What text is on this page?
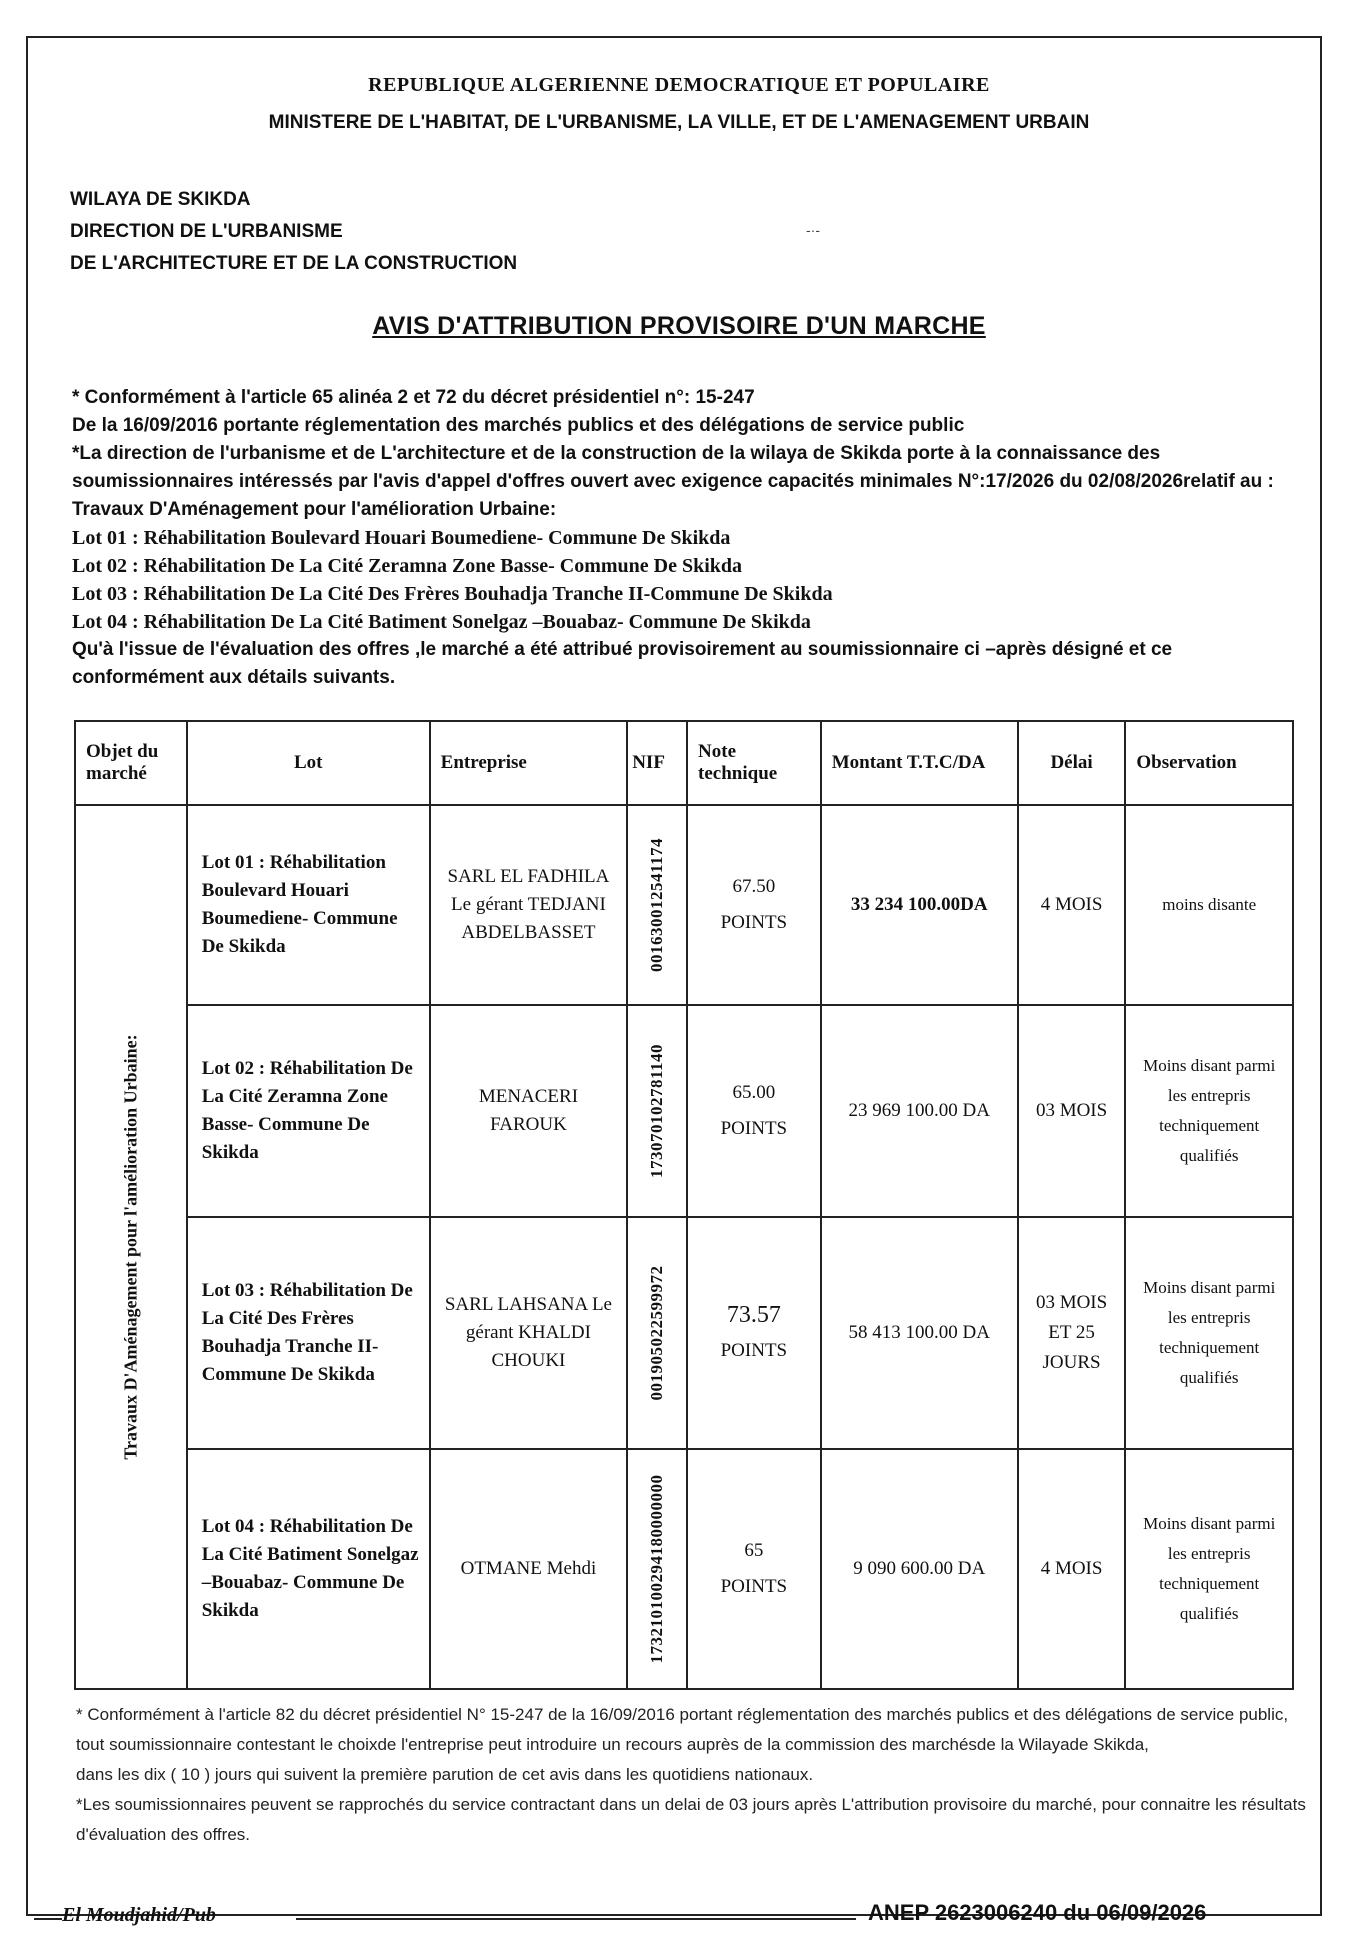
REPUBLIQUE ALGERIENNE DEMOCRATIQUE ET POPULAIRE
MINISTERE DE L'HABITAT, DE L'URBANISME, LA VILLE, ET DE L'AMENAGEMENT URBAIN
WILAYA DE SKIKDA
DIRECTION DE L'URBANISME
DE L'ARCHITECTURE ET DE LA CONSTRUCTION
-·-
AVIS D'ATTRIBUTION PROVISOIRE D'UN MARCHE

* Conformément à l'article 65 alinéa 2 et 72 du décret présidentiel n°: 15-247

De la 16/09/2016 portante réglementation des marchés publics et des délégations de service public

*La direction de l'urbanisme et de L'architecture et de la construction de la wilaya de Skikda porte à la connaissance des soumissionnaires intéressés par l'avis d'appel d'offres ouvert avec exigence capacités minimales N°:17/2026 du 02/08/2026relatif au : Travaux D'Aménagement pour l'amélioration Urbaine:

Lot 01 : Réhabilitation Boulevard Houari Boumediene- Commune De Skikda
Lot 02 : Réhabilitation De La Cité Zeramna Zone Basse- Commune De Skikda
Lot 03 : Réhabilitation De La Cité Des Frères Bouhadja Tranche II-Commune De Skikda
Lot 04 : Réhabilitation De La Cité Batiment Sonelgaz –Bouabaz- Commune De Skikda

Qu'à l'issue de l'évaluation des offres ,le marché a été attribué provisoirement au soumissionnaire ci –après désigné et ce conformément aux détails suivants.

Objet du marché	Lot	Entreprise	NIF	Note technique	Montant T.T.C/DA	Délai	Observation

Travaux D'Aménagement pour l'amélioration Urbaine:	Lot 01 : Réhabilitation Boulevard Houari Boumediene- Commune De Skikda	SARL EL FADHILA Le gérant TEDJANI ABDELBASSET	001630012541174	67.50
POINTS	33 234 100.00DA	4 MOIS	moins disante
	Lot 02 : Réhabilitation De La Cité Zeramna Zone Basse- Commune De Skikda	MENACERI FAROUK	173070102781140	65.00
POINTS	23 969 100.00 DA	03 MOIS	Moins disant parmi les entrepris techniquement qualifiés
	Lot 03 : Réhabilitation De La Cité Des Frères Bouhadja Tranche II-Commune De Skikda	SARL LAHSANA Le gérant KHALDI CHOUKI	001905022599972	73.57
POINTS	58 413 100.00 DA	03 MOIS ET 25 JOURS	Moins disant parmi les entrepris techniquement qualifiés
	Lot 04 : Réhabilitation De La Cité Batiment Sonelgaz –Bouabaz- Commune De Skikda	OTMANE Mehdi	173210100294180000000	65
POINTS	9 090 600.00 DA	4 MOIS	Moins disant parmi les entrepris techniquement qualifiés

* Conformément à l'article 82 du décret présidentiel N° 15-247 de la 16/09/2016 portant réglementation des marchés publics et des délégations de service public, tout soumissionnaire contestant le choixde l'entreprise peut introduire un recours auprès de la commission des marchésde la Wilayade Skikda,

dans les dix ( 10 ) jours qui suivent la première parution de cet avis dans les quotidiens nationaux.

*Les soumissionnaires peuvent se rapprochés du service contractant dans un delai de 03 jours après L'attribution provisoire du marché, pour connaitre les résultats d'évaluation des offres.

El Moudjahid/Pub	ANEP 2623006240 du 06/09/2026
